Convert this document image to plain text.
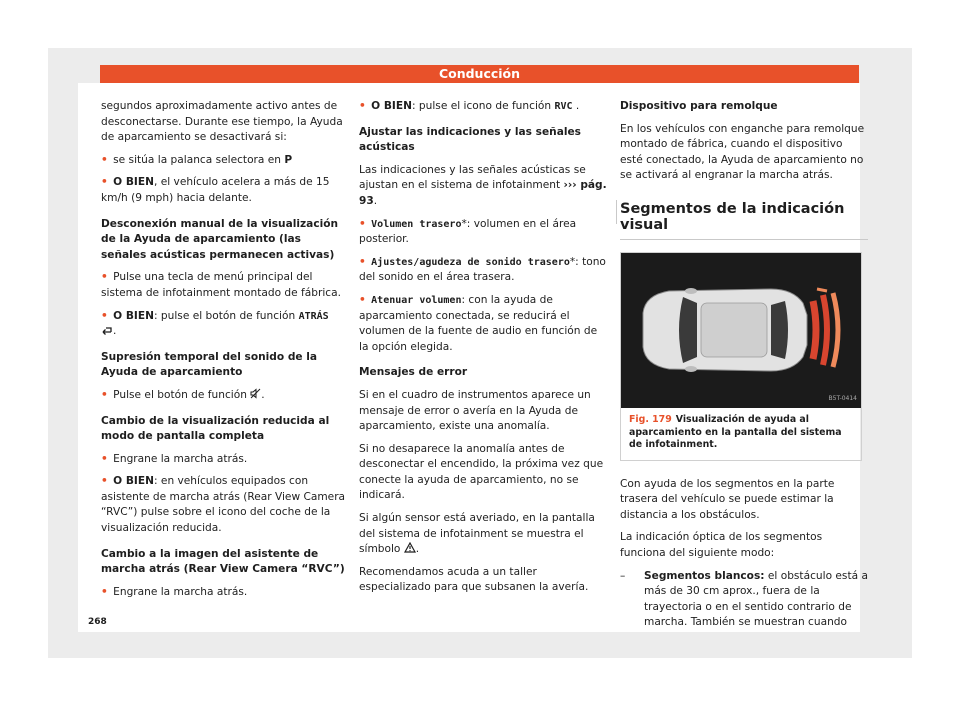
Conducción

segundos aproximadamente activo antes de desconectarse. Durante ese tiempo, la Ayuda de aparcamiento se desactivará si:

• se sitúa la palanca selectora en P

• O BIEN, el vehículo acelera a más de 15 km/h (9 mph) hacia delante.

Desconexión manual de la visualización de la Ayuda de aparcamiento (las señales acústicas permanecen activas)

• Pulse una tecla de menú principal del sistema de infotainment montado de fábrica.

• O BIEN: pulse el botón de función ATRÁS
.

Supresión temporal del sonido de la Ayuda de aparcamiento

• Pulse el botón de función .

Cambio de la visualización reducida al modo de pantalla completa

• Engrane la marcha atrás.

• O BIEN: en vehículos equipados con asistente de marcha atrás (Rear View Camera “RVC”) pulse sobre el icono del coche de la visualización reducida.

Cambio a la imagen del asistente de marcha atrás (Rear View Camera “RVC”)

• Engrane la marcha atrás.

• O BIEN: pulse el icono de función RVC .

Ajustar las indicaciones y las señales acústicas

Las indicaciones y las señales acústicas se ajustan en el sistema de infotainment ››› pág. 93.

• Volumen trasero*: volumen en el área posterior.

• Ajustes/agudeza de sonido trasero*: tono del sonido en el área trasera.

• Atenuar volumen: con la ayuda de aparcamiento conectada, se reducirá el volumen de la fuente de audio en función de la opción elegida.

Mensajes de error

Si en el cuadro de instrumentos aparece un mensaje de error o avería en la Ayuda de aparcamiento, existe una anomalía.

Si no desaparece la anomalía antes de desconectar el encendido, la próxima vez que conecte la ayuda de aparcamiento, no se indicará.

Si algún sensor está averiado, en la pantalla del sistema de infotainment se muestra el símbolo .

Recomendamos acuda a un taller especializado para que subsanen la avería.

Dispositivo para remolque

En los vehículos con enganche para remolque montado de fábrica, cuando el dispositivo esté conectado, la Ayuda de aparcamiento no se activará al engranar la marcha atrás.

Segmentos de la indicación visual
B5T-0414
Fig. 179 Visualización de ayuda al aparcamiento en la pantalla del sistema de infotainment.

Con ayuda de los segmentos en la parte trasera del vehículo se puede estimar la distancia a los obstáculos.

La indicación óptica de los segmentos funciona del siguiente modo:

– Segmentos blancos: el obstáculo está a más de 30 cm aprox., fuera de la trayectoria o en el sentido contrario de marcha. También se muestran cuando

268
